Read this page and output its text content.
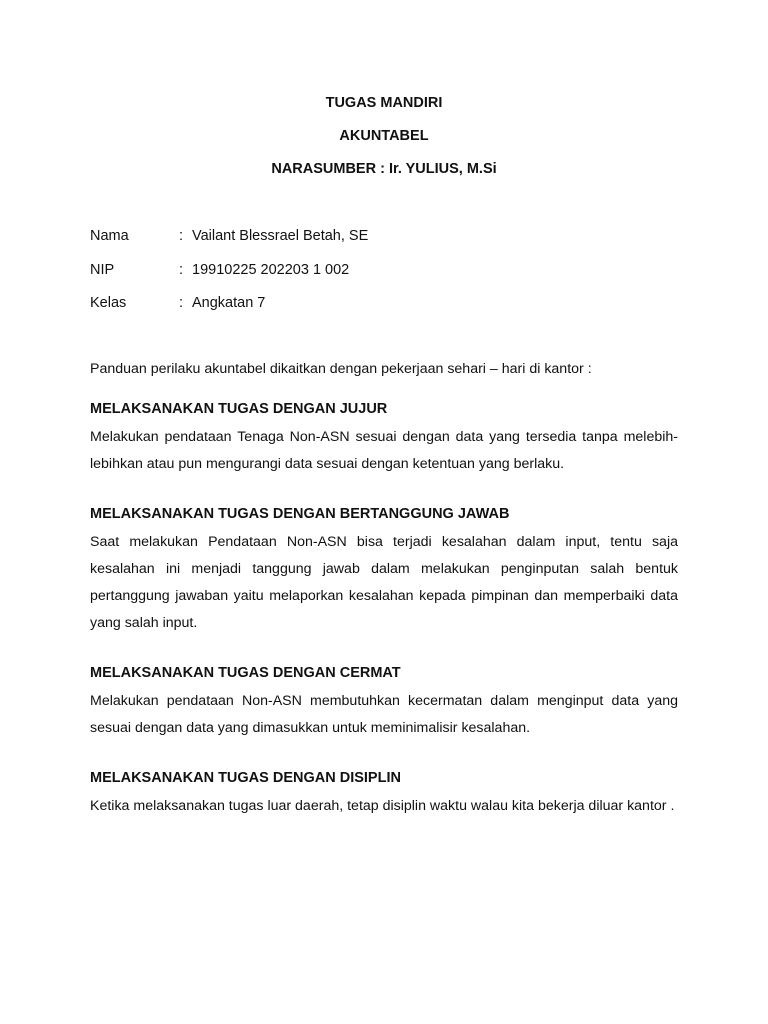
TUGAS MANDIRI
AKUNTABEL
NARASUMBER : Ir. YULIUS, M.Si
Nama	: Vailant Blessrael Betah, SE
NIP	: 19910225 202203 1 002
Kelas	: Angkatan 7
Panduan perilaku akuntabel dikaitkan dengan pekerjaan sehari – hari di kantor :
MELAKSANAKAN TUGAS DENGAN JUJUR

Melakukan pendataan Tenaga Non-ASN sesuai dengan data yang tersedia tanpa melebih-lebihkan atau pun mengurangi data sesuai dengan ketentuan yang berlaku.

MELAKSANAKAN TUGAS DENGAN BERTANGGUNG JAWAB

Saat melakukan Pendataan Non-ASN bisa terjadi kesalahan dalam input, tentu saja kesalahan ini menjadi tanggung jawab dalam melakukan penginputan salah bentuk pertanggung jawaban yaitu melaporkan kesalahan kepada pimpinan dan memperbaiki data yang salah input.

MELAKSANAKAN TUGAS DENGAN CERMAT

Melakukan pendataan Non-ASN membutuhkan kecermatan dalam menginput data yang sesuai dengan data yang dimasukkan untuk meminimalisir kesalahan.

MELAKSANAKAN TUGAS DENGAN DISIPLIN

Ketika melaksanakan tugas luar daerah, tetap disiplin waktu walau kita bekerja diluar kantor .
